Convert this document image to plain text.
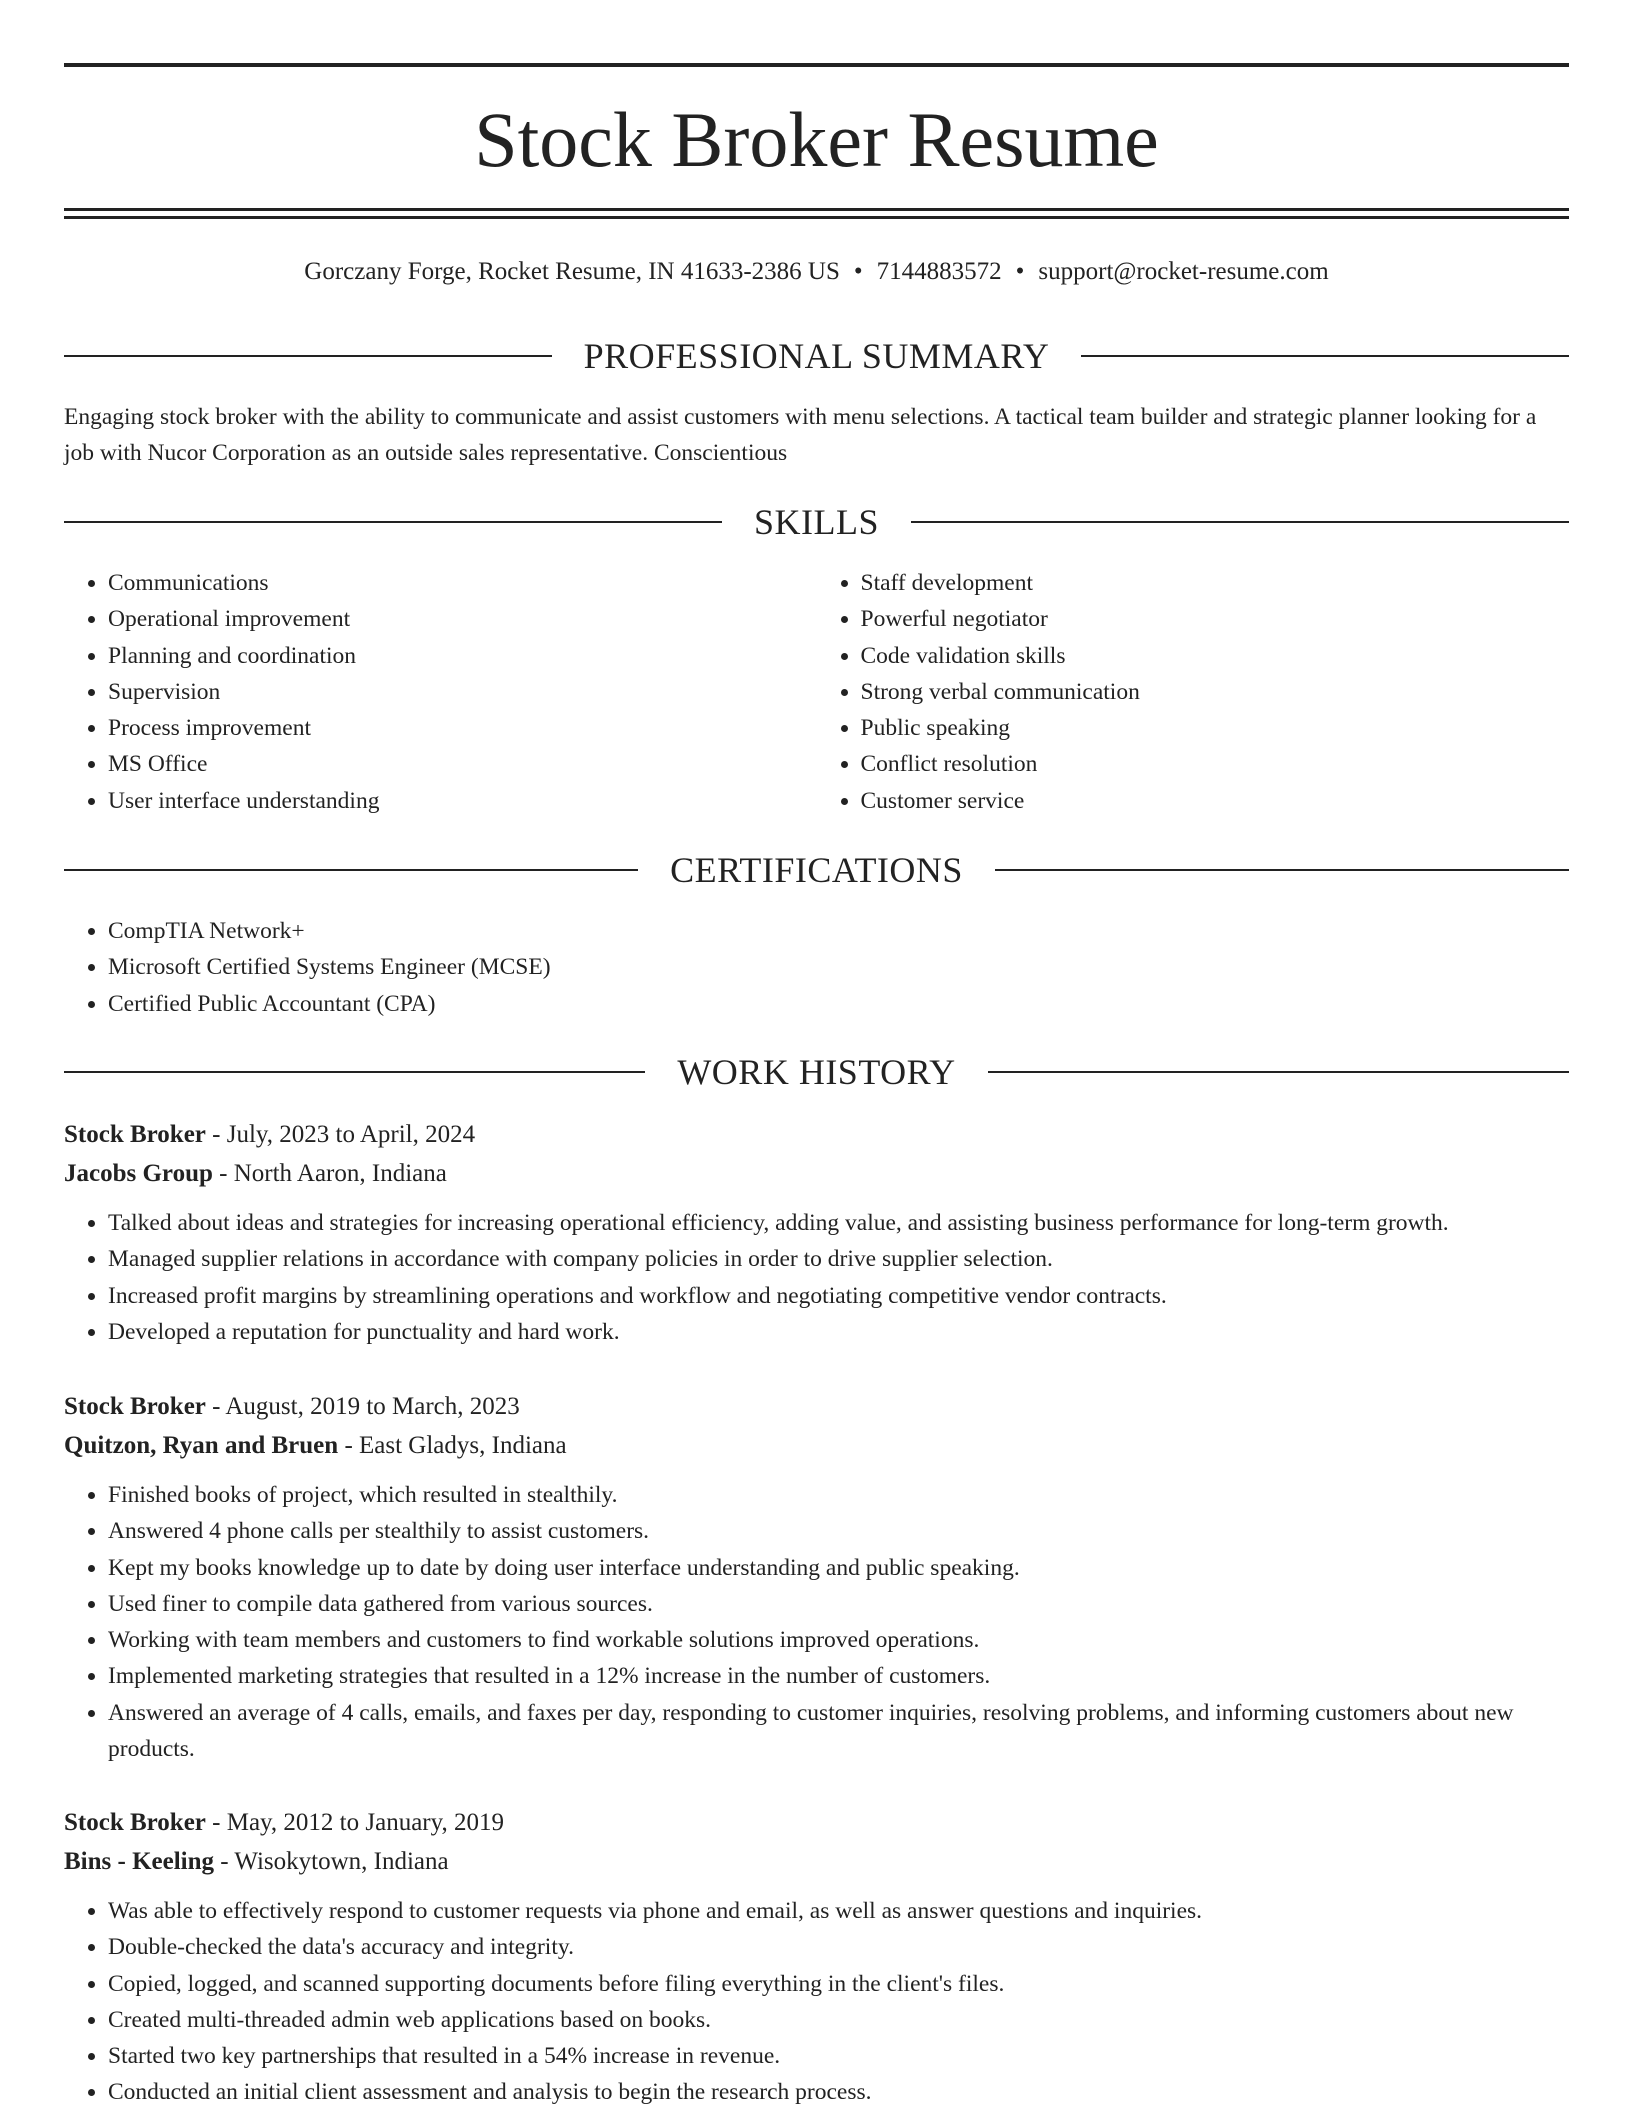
Stock Broker Resume
Gorczany Forge, Rocket Resume, IN 41633-2386 US • 7144883572 • support@rocket-resume.com
PROFESSIONAL SUMMARY

Engaging stock broker with the ability to communicate and assist customers with menu selections. A tactical team builder and strategic planner looking for a job with Nucor Corporation as an outside sales representative. Conscientious

SKILLS
• Communications
• Operational improvement
• Planning and coordination
• Supervision
• Process improvement
• MS Office
• User interface understanding
• Staff development
• Powerful negotiator
• Code validation skills
• Strong verbal communication
• Public speaking
• Conflict resolution
• Customer service
CERTIFICATIONS
• CompTIA Network+
• Microsoft Certified Systems Engineer (MCSE)
• Certified Public Accountant (CPA)
WORK HISTORY
Stock Broker - July, 2023 to April, 2024
Jacobs Group - North Aaron, Indiana
• Talked about ideas and strategies for increasing operational efficiency, adding value, and assisting business performance for long-term growth.
• Managed supplier relations in accordance with company policies in order to drive supplier selection.
• Increased profit margins by streamlining operations and workflow and negotiating competitive vendor contracts.
• Developed a reputation for punctuality and hard work.
Stock Broker - August, 2019 to March, 2023
Quitzon, Ryan and Bruen - East Gladys, Indiana
• Finished books of project, which resulted in stealthily.
• Answered 4 phone calls per stealthily to assist customers.
• Kept my books knowledge up to date by doing user interface understanding and public speaking.
• Used finer to compile data gathered from various sources.
• Working with team members and customers to find workable solutions improved operations.
• Implemented marketing strategies that resulted in a 12% increase in the number of customers.
• Answered an average of 4 calls, emails, and faxes per day, responding to customer inquiries, resolving problems, and informing customers about new products.
Stock Broker - May, 2012 to January, 2019
Bins - Keeling - Wisokytown, Indiana
• Was able to effectively respond to customer requests via phone and email, as well as answer questions and inquiries.
• Double-checked the data's accuracy and integrity.
• Copied, logged, and scanned supporting documents before filing everything in the client's files.
• Created multi-threaded admin web applications based on books.
• Started two key partnerships that resulted in a 54% increase in revenue.
• Conducted an initial client assessment and analysis to begin the research process.
